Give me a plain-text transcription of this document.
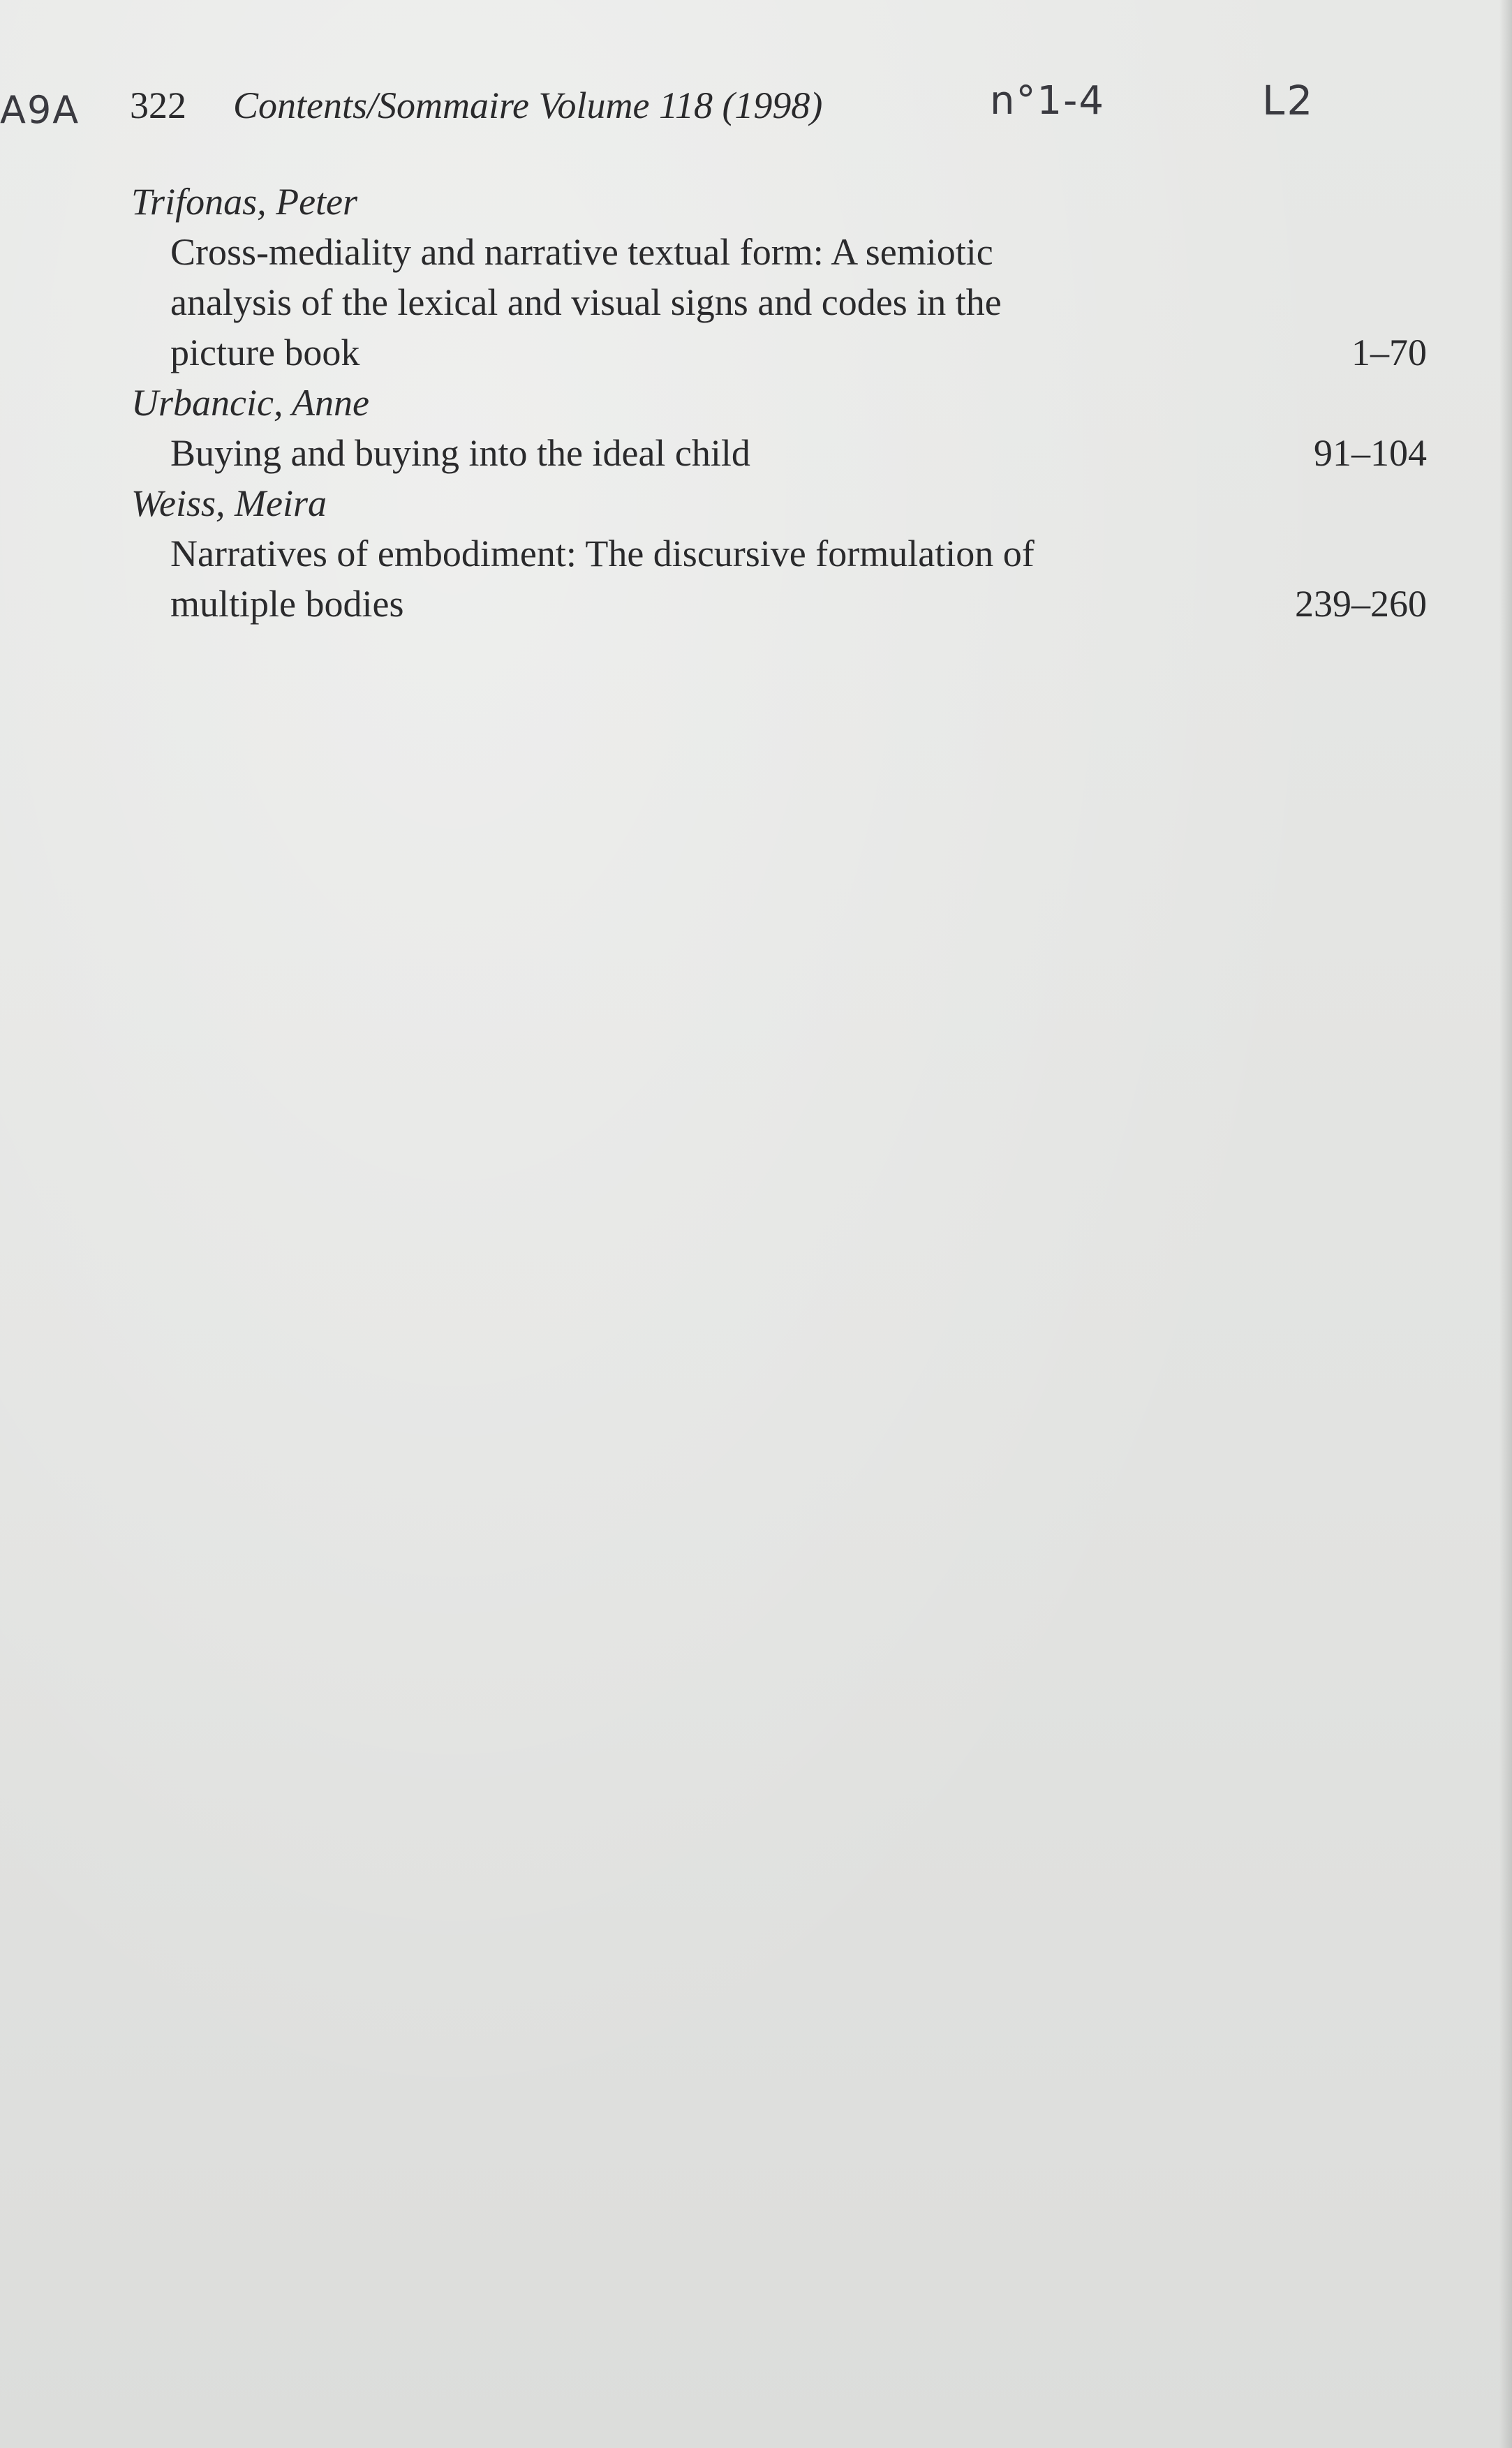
A9A 322 Contents/Sommaire Volume 118 (1998)	n°1-4	L2
Trifonas, Peter
Cross-mediality and narrative textual form: A semiotic
analysis of the lexical and visual signs and codes in the
picture book	1–70
Urbancic, Anne
Buying and buying into the ideal child	91–104
Weiss, Meira
Narratives of embodiment: The discursive formulation of
multiple bodies	239–260
